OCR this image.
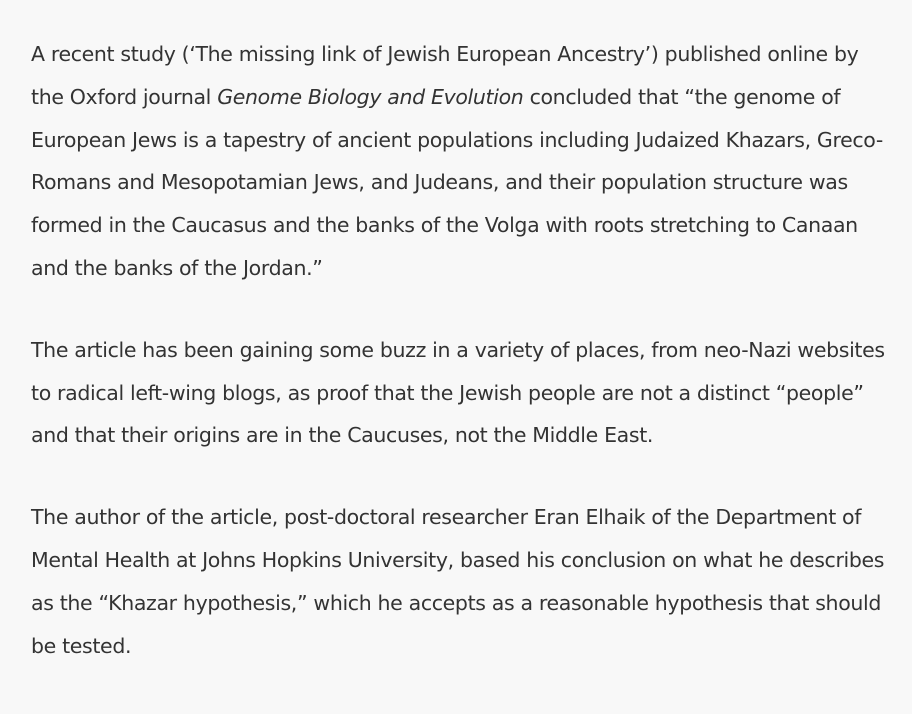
A recent study (‘The missing link of Jewish European Ancestry’) published online by the Oxford journal Genome Biology and Evolution concluded that “the genome of European Jews is a tapestry of ancient populations including Judaized Khazars, Greco-Romans and Mesopotamian Jews, and Judeans, and their population structure was formed in the Caucasus and the banks of the Volga with roots stretching to Canaan and the banks of the Jordan.”

The article has been gaining some buzz in a variety of places, from neo-Nazi websites to radical left-wing blogs, as proof that the Jewish people are not a distinct “people” and that their origins are in the Caucuses, not the Middle East.

The author of the article, post-doctoral researcher Eran Elhaik of the Department of Mental Health at Johns Hopkins University, based his conclusion on what he describes as the “Khazar hypothesis,” which he accepts as a reasonable hypothesis that should be tested.
